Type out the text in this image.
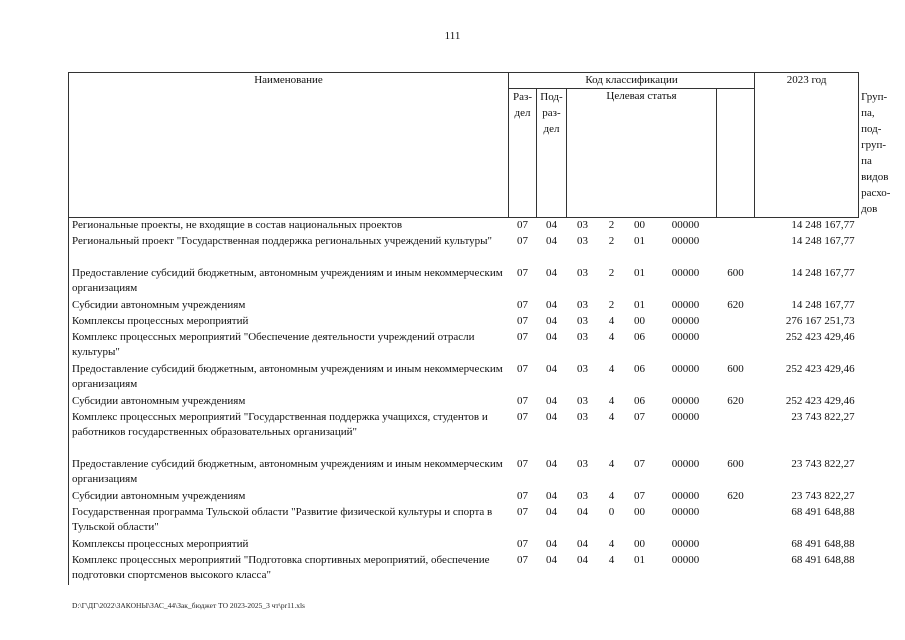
111
Наименование	Код классификации							2023 год	
	Раз- дел	Под- раз- дел	Целевая статья						Груп- па, под- груп- па видов расхо- дов
Региональные проекты, не входящие в состав национальных проектов	07	04	03	2	00	00000		14 248 167,77	
Региональный проект "Государственная поддержка региональных учреждений культуры"	07	04	03	2	01	00000		14 248 167,77	
Предоставление субсидий бюджетным, автономным учреждениям и иным некоммерческим организациям	07	04	03	2	01	00000	600	14 248 167,77	
Субсидии автономным учреждениям	07	04	03	2	01	00000	620	14 248 167,77	
Комплексы процессных мероприятий	07	04	03	4	00	00000		276 167 251,73	
Комплекс процессных мероприятий "Обеспечение деятельности учреждений отрасли культуры"	07	04	03	4	06	00000		252 423 429,46	
Предоставление субсидий бюджетным, автономным учреждениям и иным некоммерческим организациям	07	04	03	4	06	00000	600	252 423 429,46	
Субсидии автономным учреждениям	07	04	03	4	06	00000	620	252 423 429,46	
Комплекс процессных мероприятий "Государственная поддержка учащихся, студентов и работников государственных образовательных организаций"	07	04	03	4	07	00000		23 743 822,27	
Предоставление субсидий бюджетным, автономным учреждениям и иным некоммерческим организациям	07	04	03	4	07	00000	600	23 743 822,27	
Субсидии автономным учреждениям	07	04	03	4	07	00000	620	23 743 822,27	
Государственная программа Тульской области "Развитие физической культуры и спорта в Тульской области"	07	04	04	0	00	00000		68 491 648,88	
Комплексы процессных мероприятий	07	04	04	4	00	00000		68 491 648,88	
Комплекс процессных мероприятий "Подготовка спортивных мероприятий, обеспечение подготовки спортсменов высокого класса"	07	04	04	4	01	00000		68 491 648,88	
D:\Г\ДГ\2022\ЗАКОНЫ\ЗАС_44\Зак_бюджет ТО 2023-2025_3 чт\pr11.xls
